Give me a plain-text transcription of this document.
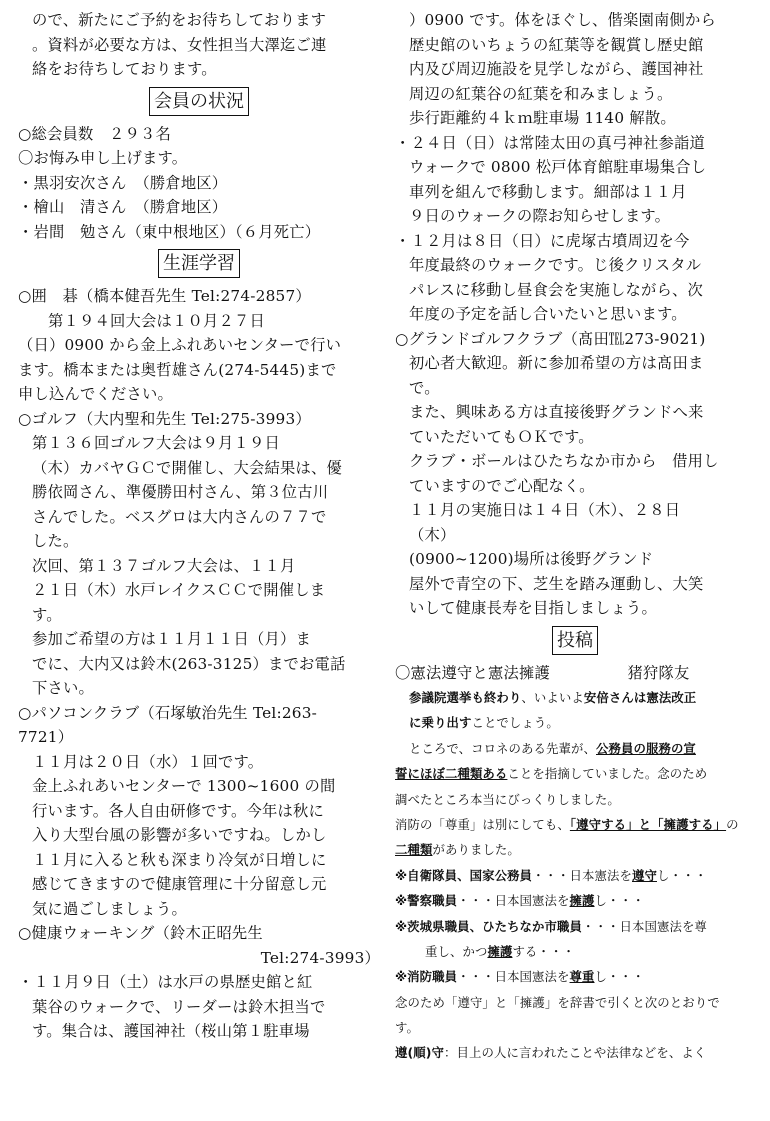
ので、新たにご予約をお待ちしております
。資料が必要な方は、女性担当大澤迄ご連
絡をお待ちしております。
会員の状況
○総会員数　２９３名
〇お悔み申し上げます。
・黒羽安次さん　（勝倉地区）
・檜山　清さん　（勝倉地区）
・岩間　勉さん（東中根地区）（６月死亡）
生涯学習
○囲　碁（橋本健吾先生 Tel:274-2857）
第１９４回大会は１０月２７日
（日）0900 から金上ふれあいセンターで行い
ます。橋本または奥哲雄さん(274-5445)まで
申し込んでください。
○ゴルフ（大内聖和先生 Tel:275-3993）
第１３６回ゴルフ大会は９月１９日
（木）カバヤＧＣで開催し、大会結果は、優
勝依岡さん、準優勝田村さん、第３位古川
さんでした。ベスグロは大内さんの７７で
した。
次回、第１３７ゴルフ大会は、１１月
２１日（木）水戸レイクスＣＣで開催しま
す。
参加ご希望の方は１１月１１日（月）ま
でに、大内又は鈴木(263-3125）までお電話
下さい。
○パソコンクラブ（石塚敏治先生 Tel:263-
7721）
１１月は２０日（水）１回です。
金上ふれあいセンターで 1300~1600 の間
行います。各人自由研修です。今年は秋に
入り大型台風の影響が多いですね。しかし
１１月に入ると秋も深まり冷気が日増しに
感じてきますので健康管理に十分留意し元
気に過ごしましょう。
○健康ウォーキング（鈴木正昭先生
Tel:274-3993）
・１１月９日（土）は水戸の県歴史館と紅
葉谷のウォークで、リーダーは鈴木担当で
す。集合は、護国神社（桜山第１駐車場
）0900 です。体をほぐし、偕楽園南側から
歴史館のいちょうの紅葉等を観賞し歴史館
内及び周辺施設を見学しながら、護国神社
周辺の紅葉谷の紅葉を和みましょう。
歩行距離約４ｋｍ駐車場 1140 解散。
・２４日（日）は常陸太田の真弓神社参詣道
ウォークで 0800 松戸体育館駐車場集合し
車列を組んで移動します。細部は１１月
９日のウォークの際お知らせします。
・１２月は８日（日）に虎塚古墳周辺を今
年度最終のウォークです。じ後クリスタル
パレスに移動し昼食会を実施しながら、次
年度の予定を話し合いたいと思います。
○グランドゴルフクラブ（髙田℡273-9021)
初心者大歓迎。新に参加希望の方は髙田ま
で。
また、興味ある方は直接後野グランドへ来
ていただいてもＯＫです。
クラブ・ボールはひたちなか市から　借用し
ていますのでご心配なく。
１１月の実施日は１４日（木）、２８日
（木）
(0900~1200)場所は後野グランド
屋外で青空の下、芝生を踏み運動し、大笑
いして健康長寿を目指しましょう。
投稿
〇憲法遵守と憲法擁護　　　　　猪狩隊友
参議院選挙も終わり、いよいよ安倍さんは憲法改正
に乗り出すことでしょう。
ところで、コロネのある先輩が、公務員の服務の宣
誓にほぼ二種類あることを指摘していました。念のため
調べたところ本当にびっくりしました。
消防の「尊重」は別にしても、「遵守する」と「擁護する」の
二種類がありました。
※自衛隊員、国家公務員・・・日本憲法を遵守し・・・
※警察職員・・・日本国憲法を擁護し・・・
※茨城県職員、ひたちなか市職員・・・日本国憲法を尊
重し、かつ擁護する・・・
※消防職員・・・日本国憲法を尊重し・・・
念のため「遵守」と「擁護」を辞書で引くと次のとおりで
す。
遵(順)守：目上の人に言われたことや法律などを、よく
